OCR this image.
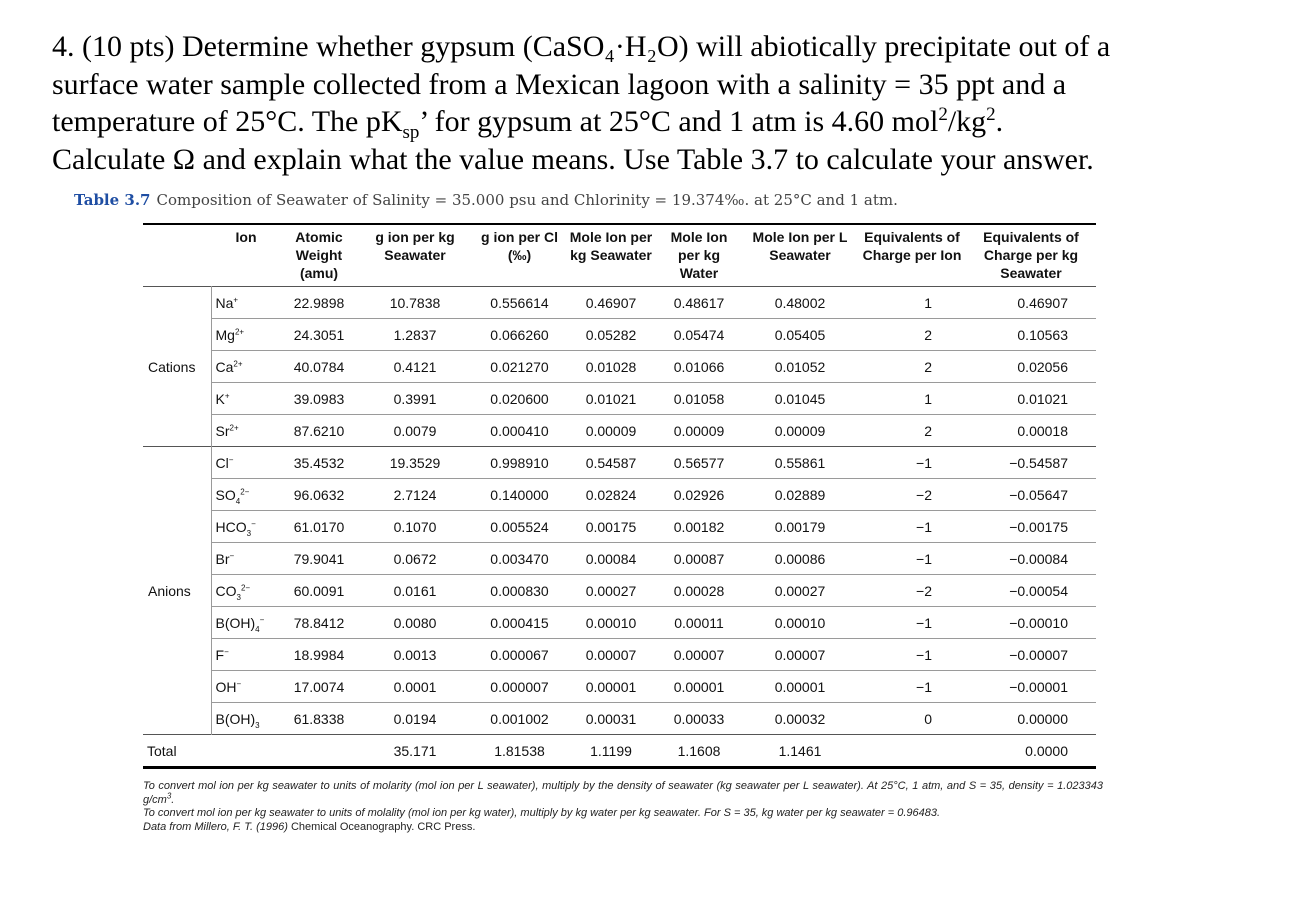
4. (10 pts) Determine whether gypsum (CaSO₄·H₂O) will abiotically precipitate out of a
surface water sample collected from a Mexican lagoon with a salinity = 35 ppt and a
temperature of 25°C. The $pK_{sp}$’ for gypsum at 25°C and 1 atm is 4.60 $mol^2/kg^2$.
Calculate Ω and explain what the value means. Use Table 3.7 to calculate your answer.
Table 3.7 Composition of Seawater of Salinity = 35.000 psu and Chlorinity = 19.374‰. at 25°C and 1 atm.
	Ion	Atomic Weight (amu)	g ion per kg Seawater	g ion per Cl (‰)	Mole Ion per kg Seawater	Mole Ion per kg Water	Mole Ion per L Seawater	Equivalents of Charge per Ion	Equivalents of Charge per kg Seawater
Cations	Na+	22.9898	10.7838	0.556614	0.46907	0.48617	0.48002	1	0.46907
	$Mg^{2+}$	24.3051	1.2837	0.066260	0.05282	0.05474	0.05405	2	0.10563
	$Ca^{2+}$	40.0784	0.4121	0.021270	0.01028	0.01066	0.01052	2	0.02056
	K+	39.0983	0.3991	0.020600	0.01021	0.01058	0.01045	1	0.01021
	$Sr^{2+}$	87.6210	0.0079	0.000410	0.00009	0.00009	0.00009	2	0.00018
Anions	Cl−	35.4532	19.3529	0.998910	0.54587	0.56577	0.55861	−1	−0.54587
	$SO_4^{2-}$	96.0632	2.7124	0.140000	0.02824	0.02926	0.02889	−2	−0.05647
	$HCO_3^-$	61.0170	0.1070	0.005524	0.00175	0.00182	0.00179	−1	−0.00175
	Br−	79.9041	0.0672	0.003470	0.00084	0.00087	0.00086	−1	−0.00084
	$CO_3^{2-}$	60.0091	0.0161	0.000830	0.00027	0.00028	0.00027	−2	−0.00054
	$B(OH)_4^-$	78.8412	0.0080	0.000415	0.00010	0.00011	0.00010	−1	−0.00010
	F−	18.9984	0.0013	0.000067	0.00007	0.00007	0.00007	−1	−0.00007
	OH−	17.0074	0.0001	0.000007	0.00001	0.00001	0.00001	−1	−0.00001
	$B(OH)_3$	61.8338	0.0194	0.001002	0.00031	0.00033	0.00032	0	0.00000
Total			35.171	1.81538	1.1199	1.1608	1.1461		0.0000

To convert mol ion per kg seawater to units of molarity (mol ion per L seawater), multiply by the density of seawater (kg seawater per L seawater). At 25°C, 1 atm, and S = 35, density = 1.023343 $g/cm^3$.

To convert mol ion per kg seawater to units of molality (mol ion per kg water), multiply by kg water per kg seawater. For S = 35, kg water per kg seawater = 0.96483.

Data from Millero, F. T. (1996) Chemical Oceanography. CRC Press.
